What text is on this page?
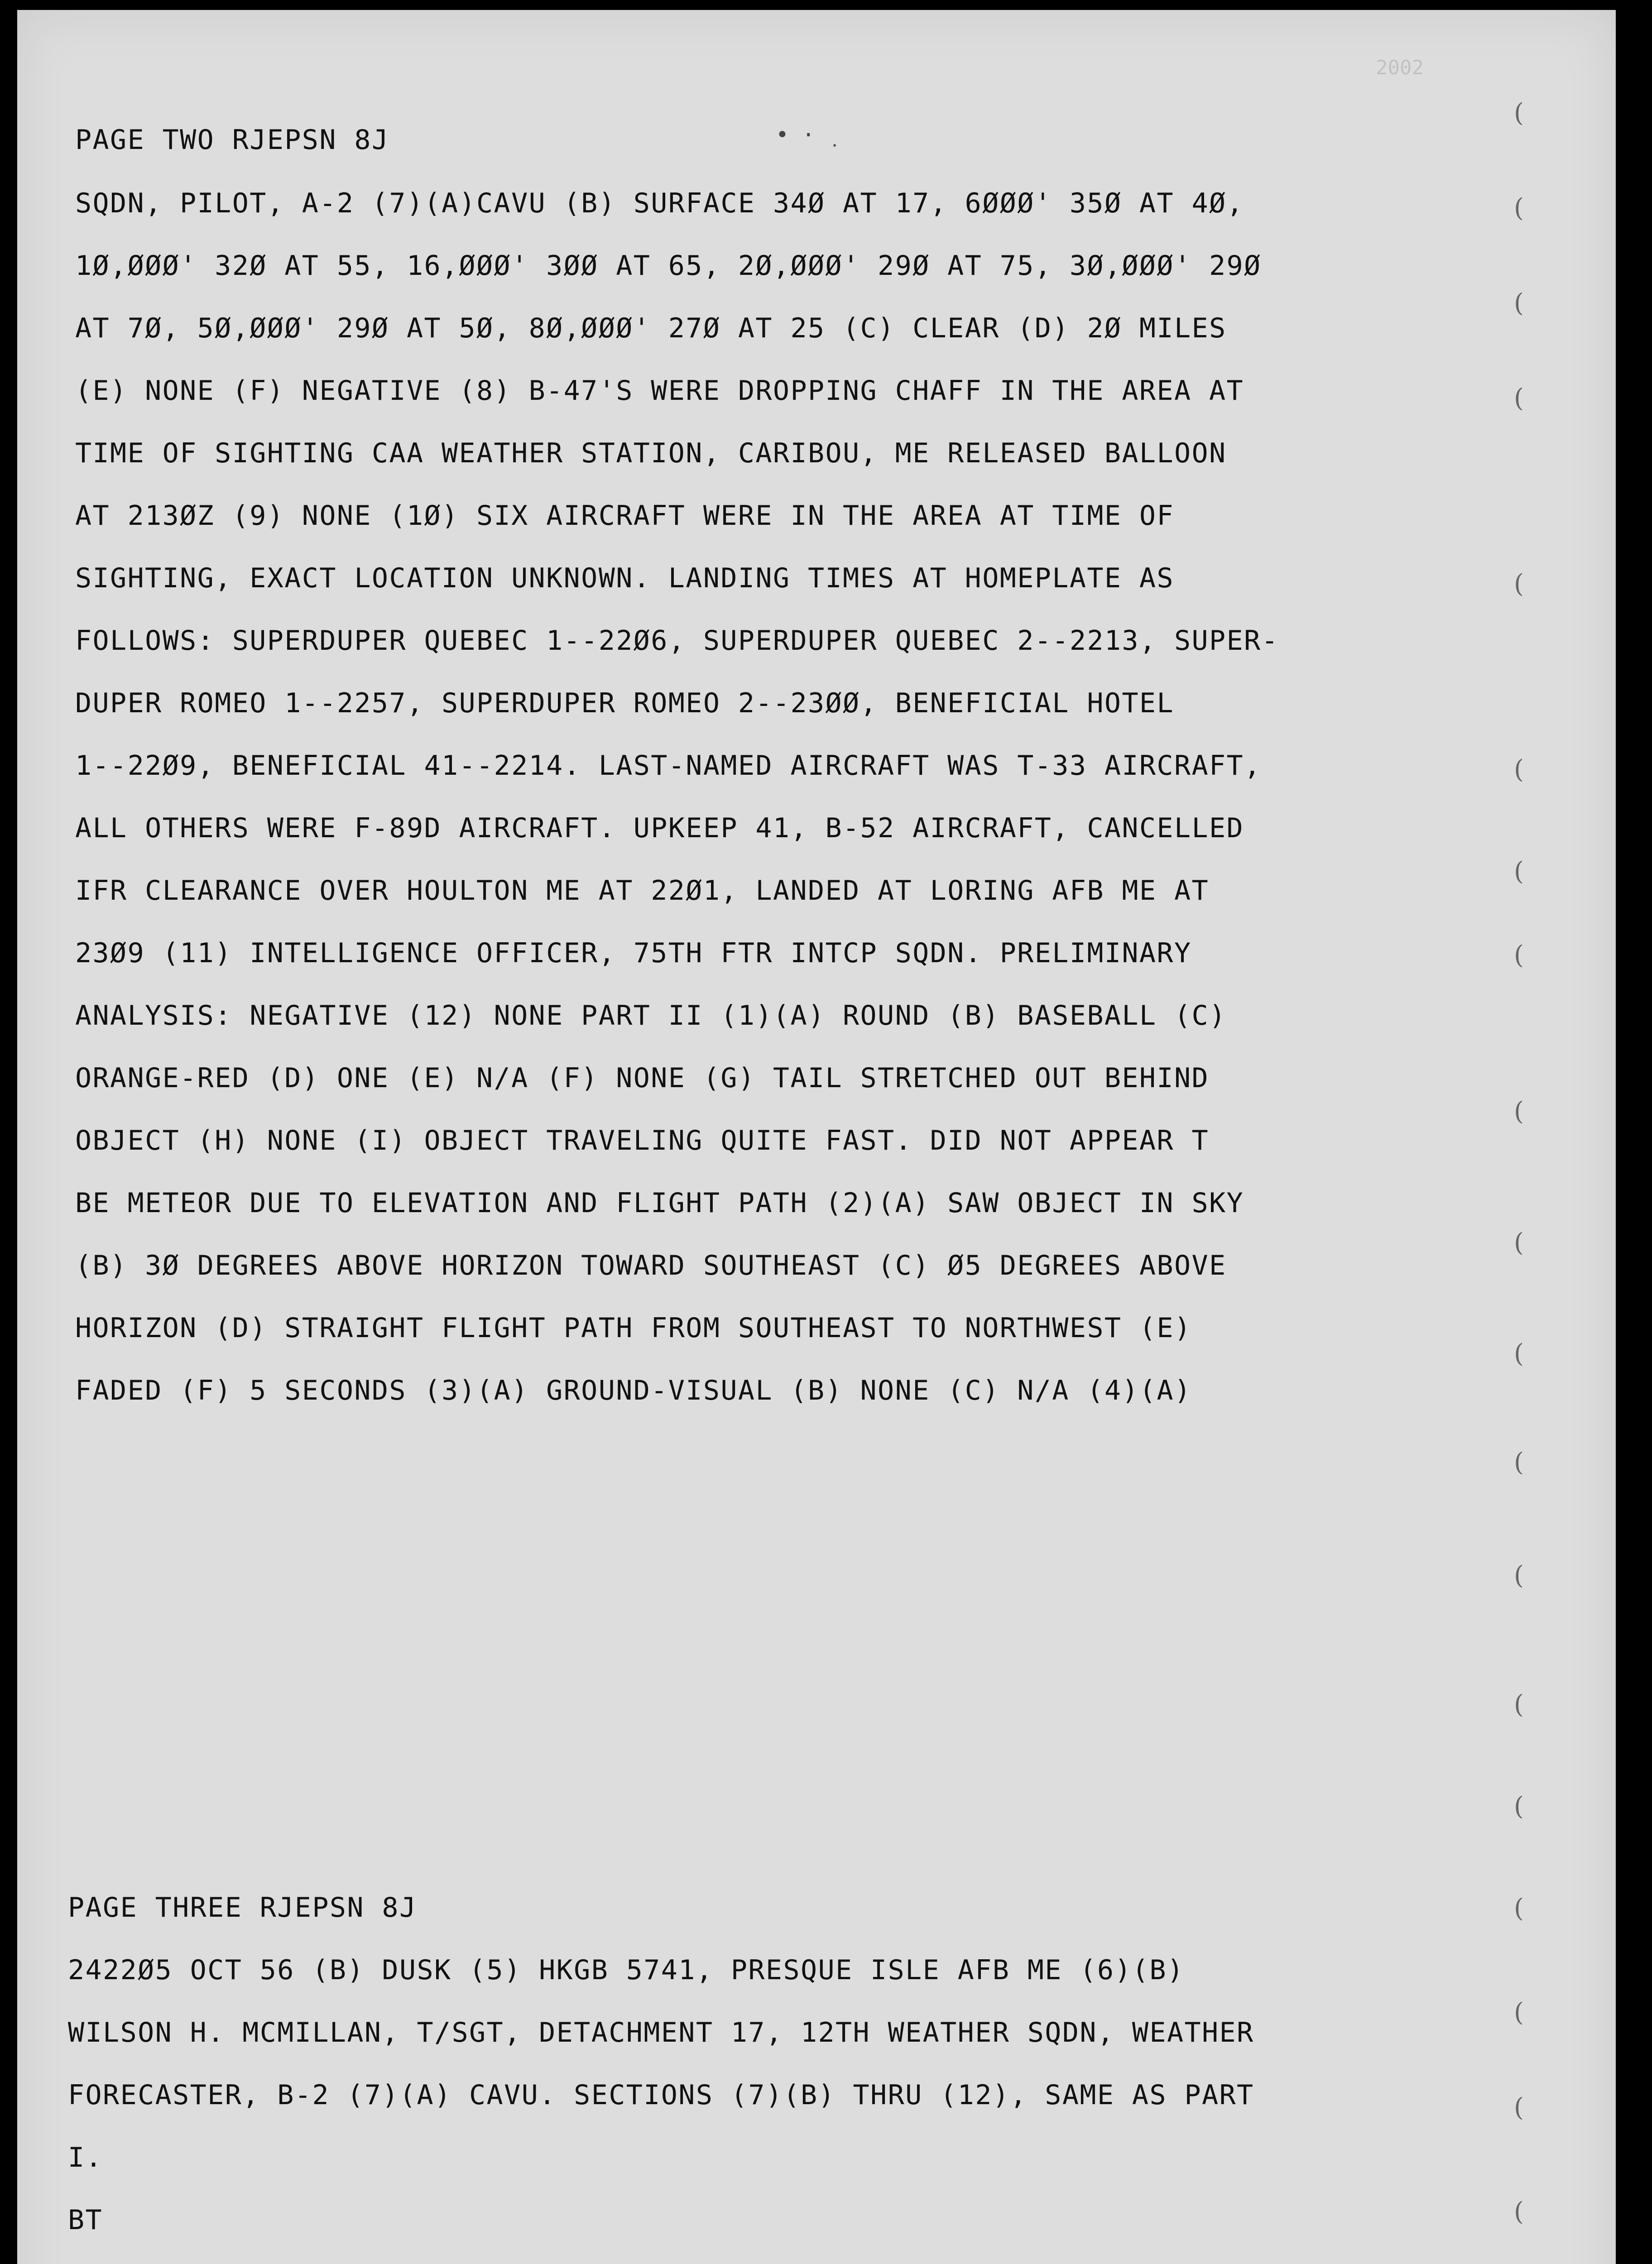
2002
PAGE TWO RJEPSN 8J	• · ̣
SQDN, PILOT, A-2 (7)(A)CAVU (B) SURFACE 34Ø AT 17, 6ØØØ' 35Ø AT 4Ø,
1Ø,ØØØ' 32Ø AT 55, 16,ØØØ' 3ØØ AT 65, 2Ø,ØØØ' 29Ø AT 75, 3Ø,ØØØ' 29Ø
AT 7Ø, 5Ø,ØØØ' 29Ø AT 5Ø, 8Ø,ØØØ' 27Ø AT 25 (C) CLEAR (D) 2Ø MILES
(E) NONE (F) NEGATIVE (8) B-47'S WERE DROPPING CHAFF IN THE AREA AT
TIME OF SIGHTING CAA WEATHER STATION, CARIBOU, ME RELEASED BALLOON
AT 213ØZ (9) NONE (1Ø) SIX AIRCRAFT WERE IN THE AREA AT TIME OF
SIGHTING, EXACT LOCATION UNKNOWN. LANDING TIMES AT HOMEPLATE AS
FOLLOWS: SUPERDUPER QUEBEC 1--22Ø6, SUPERDUPER QUEBEC 2--2213, SUPER-
DUPER ROMEO 1--2257, SUPERDUPER ROMEO 2--23ØØ, BENEFICIAL HOTEL
1--22Ø9, BENEFICIAL 41--2214. LAST-NAMED AIRCRAFT WAS T-33 AIRCRAFT,
ALL OTHERS WERE F-89D AIRCRAFT. UPKEEP 41, B-52 AIRCRAFT, CANCELLED
IFR CLEARANCE OVER HOULTON ME AT 22Ø1, LANDED AT LORING AFB ME AT
23Ø9 (11) INTELLIGENCE OFFICER, 75TH FTR INTCP SQDN. PRELIMINARY
ANALYSIS: NEGATIVE (12) NONE PART II (1)(A) ROUND (B) BASEBALL (C)
ORANGE-RED (D) ONE (E) N/A (F) NONE (G) TAIL STRETCHED OUT BEHIND
OBJECT (H) NONE (I) OBJECT TRAVELING QUITE FAST. DID NOT APPEAR T
BE METEOR DUE TO ELEVATION AND FLIGHT PATH (2)(A) SAW OBJECT IN SKY
(B) 3Ø DEGREES ABOVE HORIZON TOWARD SOUTHEAST (C) Ø5 DEGREES ABOVE
HORIZON (D) STRAIGHT FLIGHT PATH FROM SOUTHEAST TO NORTHWEST (E)
FADED (F) 5 SECONDS (3)(A) GROUND-VISUAL (B) NONE (C) N/A (4)(A)
PAGE THREE RJEPSN 8J
2422Ø5 OCT 56 (B) DUSK (5) HKGB 5741, PRESQUE ISLE AFB ME (6)(B)
WILSON H. MCMILLAN, T/SGT, DETACHMENT 17, 12TH WEATHER SQDN, WEATHER
FORECASTER, B-2 (7)(A) CAVU. SECTIONS (7)(B) THRU (12), SAME AS PART
I.
BT
(
(
(
(
(
(
(
(
(
(
(
(
(
(
(
(
(
(
(
